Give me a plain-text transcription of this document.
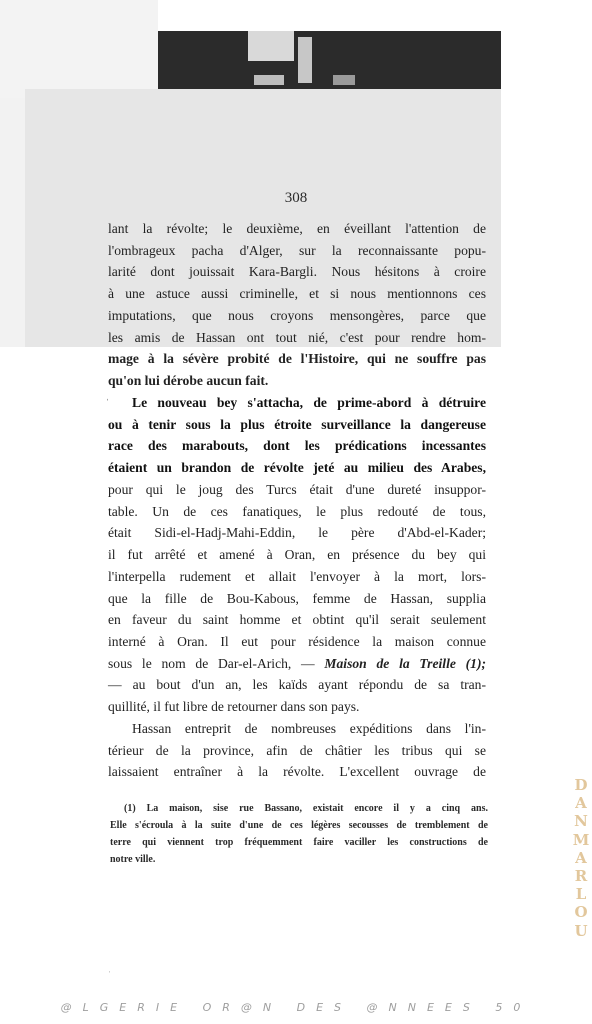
308
lant la révolte; le deuxième, en éveillant l'attention de
l'ombrageux pacha d'Alger, sur la reconnaissante popu-
larité dont jouissait Kara-Bargli. Nous hésitons à croire
à une astuce aussi criminelle, et si nous mentionnons ces
imputations, que nous croyons mensongères, parce que
les amis de Hassan ont tout nié, c'est pour rendre hom-
mage à la sévère probité de l'Histoire, qui ne souffre pas
qu'on lui dérobe aucun fait.
ˈ	Le nouveau bey s'attacha, de prime-abord à détruire
ou à tenir sous la plus étroite surveillance la dangereuse
race des marabouts, dont les prédications incessantes
étaient un brandon de révolte jeté au milieu des Arabes,
pour qui le joug des Turcs était d'une dureté insuppor-
table. Un de ces fanatiques, le plus redouté de tous,
était Sidi-el-Hadj-Mahi-Eddin, le père d'Abd-el-Kader;
il fut arrêté et amené à Oran, en présence du bey qui
l'interpella rudement et allait l'envoyer à la mort, lors-
que la fille de Bou-Kabous, femme de Hassan, supplia
en faveur du saint homme et obtint qu'il serait seulement
interné à Oran. Il eut pour résidence la maison connue
sous le nom de Dar-el-Arich, — Maison de la Treille (1);
— au bout d'un an, les kaïds ayant répondu de sa tran-
quillité, il fut libre de retourner dans son pays.
Hassan entreprit de nombreuses expéditions dans l'in-
térieur de la province, afin de châtier les tribus qui se
laissaient entraîner à la révolte. L'excellent ouvrage de
(1) La maison, sise rue Bassano, existait encore il y a cinq ans.
Elle s'écroula à la suite d'une de ces légères secousses de tremblement de
terre qui viennent trop fréquemment faire vaciller les constructions de
notre ville.
ˈ
D
A
N
M
A
R
L
O
U
@LGERIE OR@N DES @NNEES 50
